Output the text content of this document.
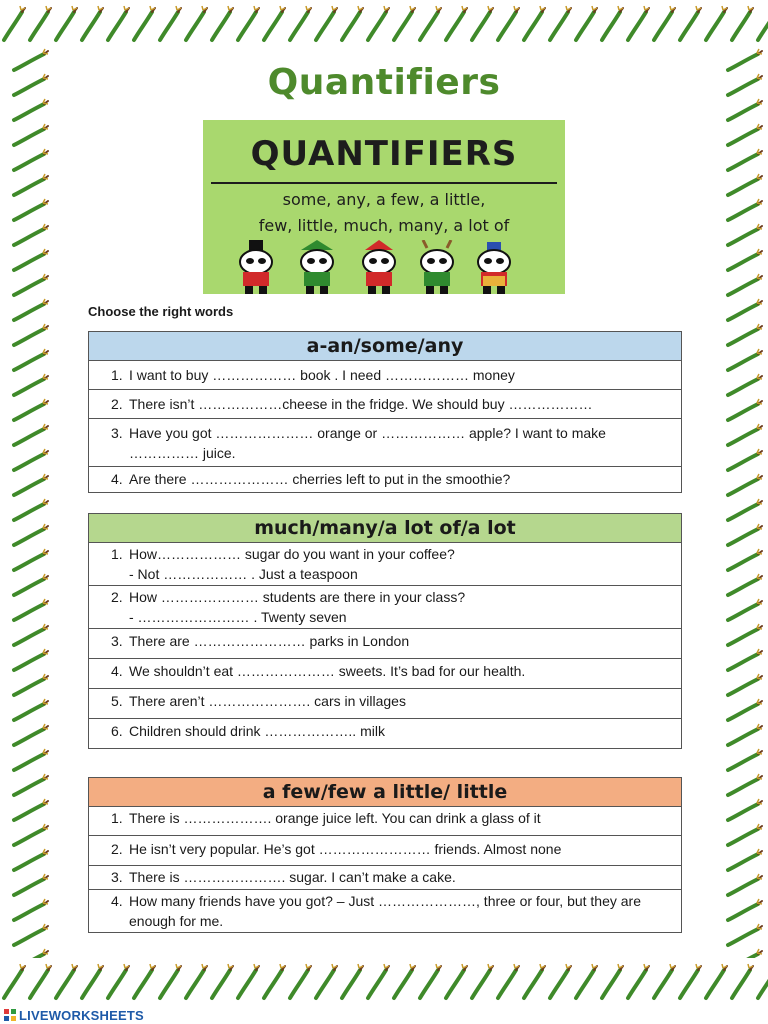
Quantifiers
QUANTIFIERS
some, any, a few, a little,
few, little, much, many, a lot of
Choose the right words
a-an/some/any
1. I want to buy ……………… book . I need ……………… money
2. There isn’t ………………cheese in the fridge. We should buy ………………
3. Have you got ………………… orange or ……………… apple? I want to make …………… juice.
4. Are there ………………… cherries left to put in the smoothie?
much/many/a lot of/a lot
1. How……………… sugar do you want in your coffee?
- Not ……………… . Just a teaspoon
2. How ………………… students are there in your class?
- …………………… . Twenty seven
3. There are …………………… parks in London
4. We shouldn’t eat ………………… sweets. It’s bad for our health.
5. There aren’t …………………. cars in villages
6. Children should drink ……………….. milk
a few/few a little/ little
1. There is ………………. orange juice left. You can drink a glass of it
2. He isn’t very popular. He’s got …………………… friends. Almost none
3. There is …………………. sugar. I can’t make a cake.
4. How many friends have you got? – Just …………………, three or four, but they are enough for me.
LIVEWORKSHEETS
